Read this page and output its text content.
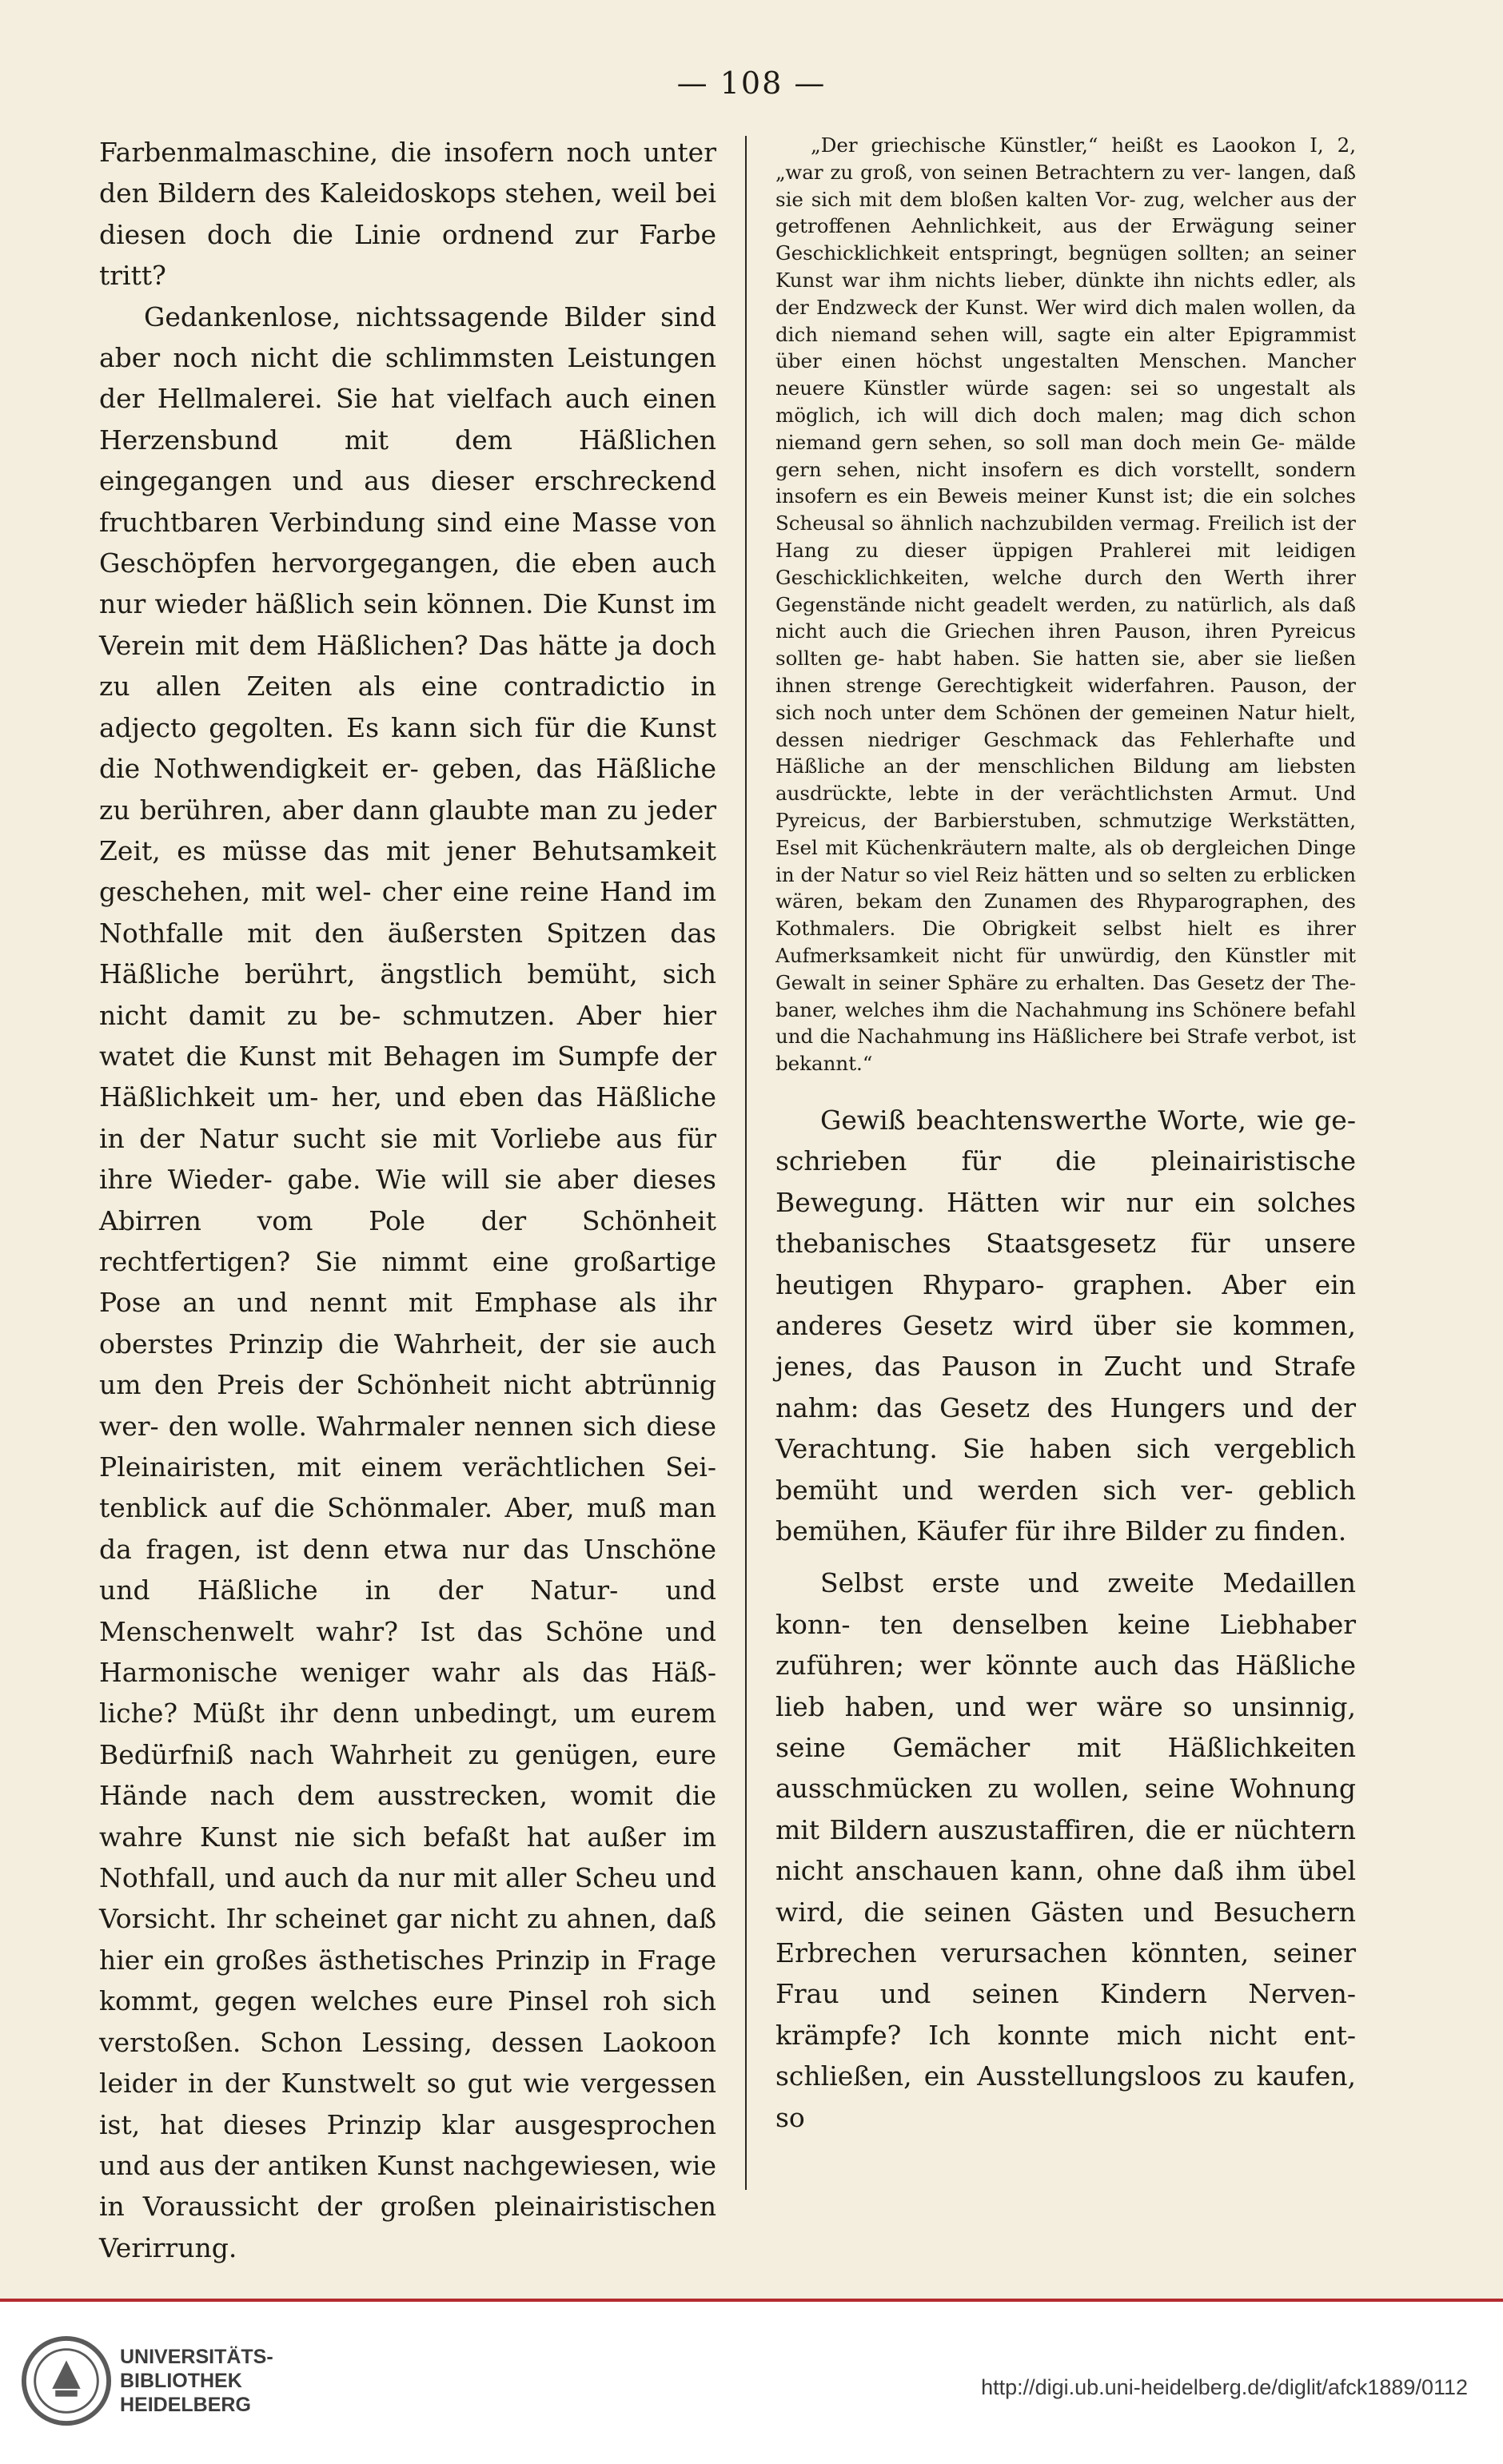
— 108 —

Farbenmalmaschine, die insofern noch unter den Bildern des Kaleidoskops stehen, weil bei diesen doch die Linie ordnend zur Farbe tritt?

Gedankenlose, nichtssagende Bilder sind aber noch nicht die schlimmsten Leistungen der Hellmalerei. Sie hat vielfach auch einen Herzensbund mit dem Häßlichen eingegangen und aus dieser erschreckend fruchtbaren Verbindung sind eine Masse von Geschöpfen hervorgegangen, die eben auch nur wieder häßlich sein können. Die Kunst im Verein mit dem Häßlichen? Das hätte ja doch zu allen Zeiten als eine contradictio in adjecto gegolten. Es kann sich für die Kunst die Nothwendigkeit er- geben, das Häßliche zu berühren, aber dann glaubte man zu jeder Zeit, es müsse das mit jener Behutsamkeit geschehen, mit wel- cher eine reine Hand im Nothfalle mit den äußersten Spitzen das Häßliche berührt, ängstlich bemüht, sich nicht damit zu be- schmutzen. Aber hier watet die Kunst mit Behagen im Sumpfe der Häßlichkeit um- her, und eben das Häßliche in der Natur sucht sie mit Vorliebe aus für ihre Wieder- gabe. Wie will sie aber dieses Abirren vom Pole der Schönheit rechtfertigen? Sie nimmt eine großartige Pose an und nennt mit Emphase als ihr oberstes Prinzip die Wahrheit, der sie auch um den Preis der Schönheit nicht abtrünnig wer- den wolle. Wahrmaler nennen sich diese Pleinairisten, mit einem verächtlichen Sei- tenblick auf die Schönmaler. Aber, muß man da fragen, ist denn etwa nur das Unschöne und Häßliche in der Natur- und Menschenwelt wahr? Ist das Schöne und Harmonische weniger wahr als das Häß- liche? Müßt ihr denn unbedingt, um eurem Bedürfniß nach Wahrheit zu genügen, eure Hände nach dem ausstrecken, womit die wahre Kunst nie sich befaßt hat außer im Nothfall, und auch da nur mit aller Scheu und Vorsicht. Ihr scheinet gar nicht zu ahnen, daß hier ein großes ästhetisches Prinzip in Frage kommt, gegen welches eure Pinsel roh sich verstoßen. Schon Lessing, dessen Laokoon leider in der Kunstwelt so gut wie vergessen ist, hat dieses Prinzip klar ausgesprochen und aus der antiken Kunst nachgewiesen, wie in Voraussicht der großen pleinairistischen Verirrung.

„Der griechische Künstler,“ heißt es Laookon I, 2, „war zu groß, von seinen Betrachtern zu ver- langen, daß sie sich mit dem bloßen kalten Vor- zug, welcher aus der getroffenen Aehnlichkeit, aus der Erwägung seiner Geschicklichkeit entspringt, begnügen sollten; an seiner Kunst war ihm nichts lieber, dünkte ihn nichts edler, als der Endzweck der Kunst. Wer wird dich malen wollen, da dich niemand sehen will, sagte ein alter Epigrammist über einen höchst ungestalten Menschen. Mancher neuere Künstler würde sagen: sei so ungestalt als möglich, ich will dich doch malen; mag dich schon niemand gern sehen, so soll man doch mein Ge- mälde gern sehen, nicht insofern es dich vorstellt, sondern insofern es ein Beweis meiner Kunst ist; die ein solches Scheusal so ähnlich nachzubilden vermag. Freilich ist der Hang zu dieser üppigen Prahlerei mit leidigen Geschicklichkeiten, welche durch den Werth ihrer Gegenstände nicht geadelt werden, zu natürlich, als daß nicht auch die Griechen ihren Pauson, ihren Pyreicus sollten ge- habt haben. Sie hatten sie, aber sie ließen ihnen strenge Gerechtigkeit widerfahren. Pauson, der sich noch unter dem Schönen der gemeinen Natur hielt, dessen niedriger Geschmack das Fehlerhafte und Häßliche an der menschlichen Bildung am liebsten ausdrückte, lebte in der verächtlichsten Armut. Und Pyreicus, der Barbierstuben, schmutzige Werkstätten, Esel mit Küchenkräutern malte, als ob dergleichen Dinge in der Natur so viel Reiz hätten und so selten zu erblicken wären, bekam den Zunamen des Rhyparographen, des Kothmalers. Die Obrigkeit selbst hielt es ihrer Aufmerksamkeit nicht für unwürdig, den Künstler mit Gewalt in seiner Sphäre zu erhalten. Das Gesetz der The- baner, welches ihm die Nachahmung ins Schönere befahl und die Nachahmung ins Häßlichere bei Strafe verbot, ist bekannt.“

Gewiß beachtenswerthe Worte, wie ge- schrieben für die pleinairistische Bewegung. Hätten wir nur ein solches thebanisches Staatsgesetz für unsere heutigen Rhyparo- graphen. Aber ein anderes Gesetz wird über sie kommen, jenes, das Pauson in Zucht und Strafe nahm: das Gesetz des Hungers und der Verachtung. Sie haben sich vergeblich bemüht und werden sich ver- geblich bemühen, Käufer für ihre Bilder zu finden.

Selbst erste und zweite Medaillen konn- ten denselben keine Liebhaber zuführen; wer könnte auch das Häßliche lieb haben, und wer wäre so unsinnig, seine Gemächer mit Häßlichkeiten ausschmücken zu wollen, seine Wohnung mit Bildern auszustaffiren, die er nüchtern nicht anschauen kann, ohne daß ihm übel wird, die seinen Gästen und Besuchern Erbrechen verursachen könnten, seiner Frau und seinen Kindern Nerven- krämpfe? Ich konnte mich nicht ent- schließen, ein Ausstellungsloos zu kaufen, so

UNIVERSITÄTS-
BIBLIOTHEK
HEIDELBERG
http://digi.ub.uni-heidelberg.de/diglit/afck1889/0112
